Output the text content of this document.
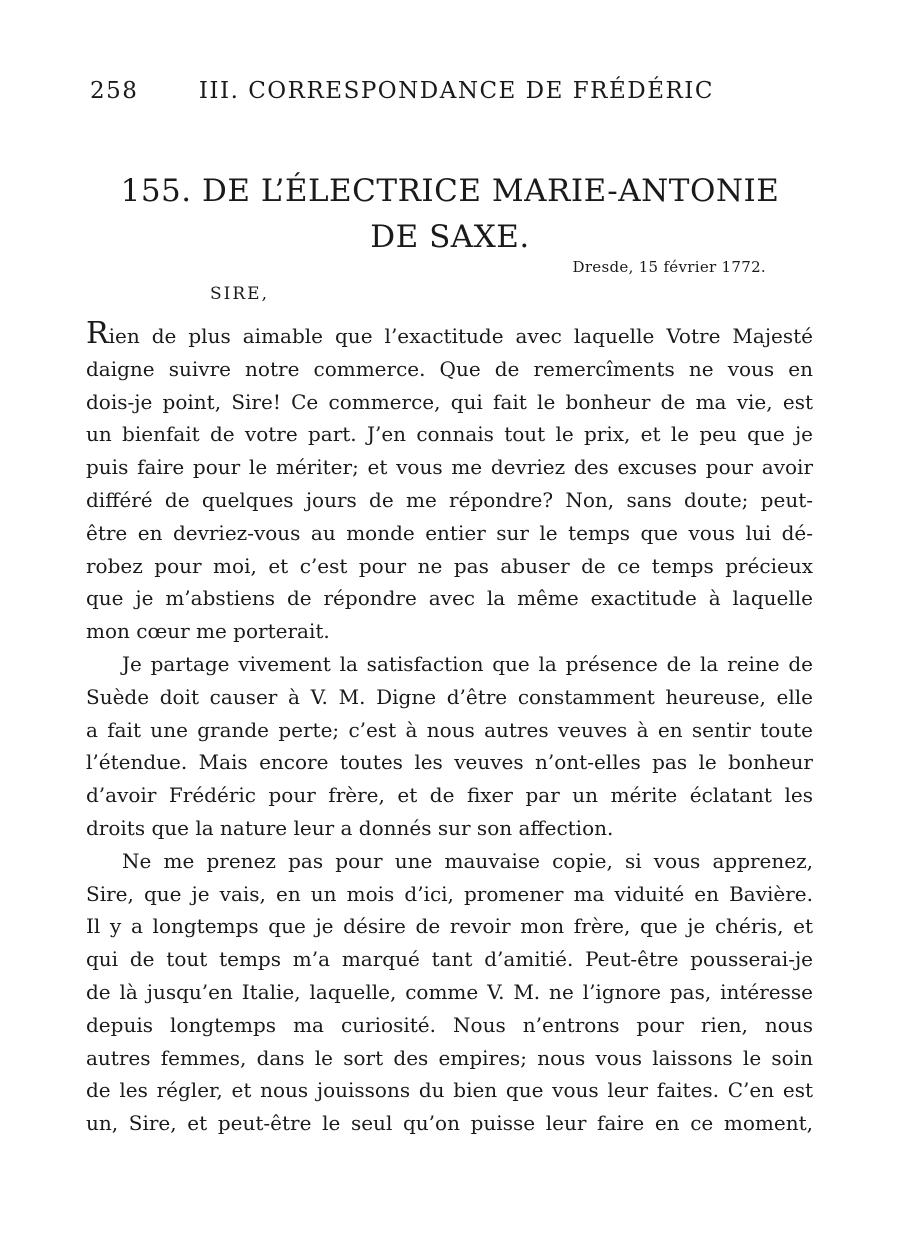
258	III. CORRESPONDANCE DE FRÉDÉRIC
155. DE L’ÉLECTRICE MARIE-ANTONIE
DE SAXE.
Dresde, 15 février 1772.
SIRE,
Rien de plus aimable que l’exactitude avec laquelle Votre Majesté
daigne suivre notre commerce. Que de remercîments ne vous en
dois-je point, Sire! Ce commerce, qui fait le bonheur de ma vie, est
un bienfait de votre part. J’en connais tout le prix, et le peu que je
puis faire pour le mériter; et vous me devriez des excuses pour avoir
différé de quelques jours de me répondre? Non, sans doute; peut-
être en devriez-vous au monde entier sur le temps que vous lui dé-
robez pour moi, et c’est pour ne pas abuser de ce temps précieux
que je m’abstiens de répondre avec la même exactitude à laquelle
mon cœur me porterait.
Je partage vivement la satisfaction que la présence de la reine de
Suède doit causer à V. M. Digne d’être constamment heureuse, elle
a fait une grande perte; c’est à nous autres veuves à en sentir toute
l’étendue. Mais encore toutes les veuves n’ont-elles pas le bonheur
d’avoir Frédéric pour frère, et de fixer par un mérite éclatant les
droits que la nature leur a donnés sur son affection.
Ne me prenez pas pour une mauvaise copie, si vous apprenez,
Sire, que je vais, en un mois d’ici, promener ma viduité en Bavière.
Il y a longtemps que je désire de revoir mon frère, que je chéris, et
qui de tout temps m’a marqué tant d’amitié. Peut-être pousserai-je
de là jusqu’en Italie, laquelle, comme V. M. ne l’ignore pas, intéresse
depuis longtemps ma curiosité. Nous n’entrons pour rien, nous
autres femmes, dans le sort des empires; nous vous laissons le soin
de les régler, et nous jouissons du bien que vous leur faites. C’en est
un, Sire, et peut-être le seul qu’on puisse leur faire en ce moment,
